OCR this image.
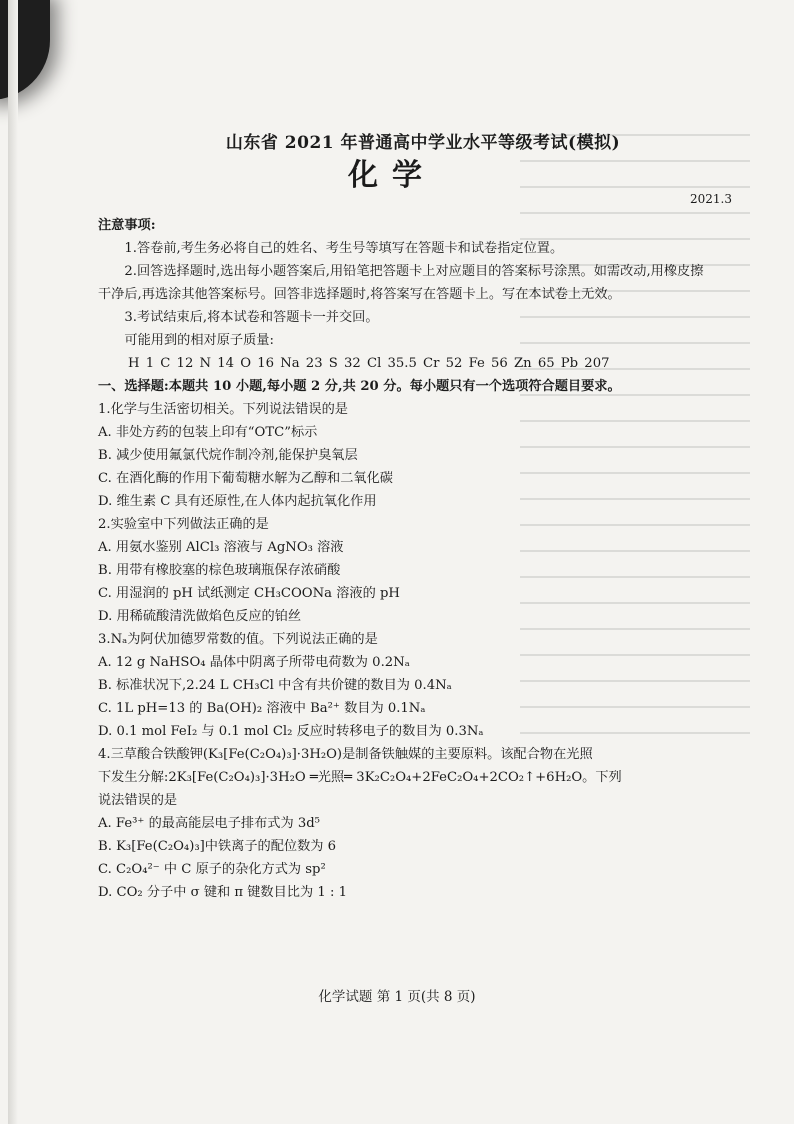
山东省 2021 年普通高中学业水平等级考试(模拟)
化学
2021.3
注意事项:

1.答卷前,考生务必将自己的姓名、考生号等填写在答题卡和试卷指定位置。

2.回答选择题时,选出每小题答案后,用铅笔把答题卡上对应题目的答案标号涂黑。如需改动,用橡皮擦干净后,再选涂其他答案标号。回答非选择题时,将答案写在答题卡上。写在本试卷上无效。

3.考试结束后,将本试卷和答题卡一并交回。

可能用到的相对原子质量:

H 1 C 12 N 14 O 16 Na 23 S 32 Cl 35.5 Cr 52 Fe 56 Zn 65 Pb 207

一、选择题:本题共 10 小题,每小题 2 分,共 20 分。每小题只有一个选项符合题目要求。

1.化学与生活密切相关。下列说法错误的是

A. 非处方药的包装上印有“OTC”标示

B. 减少使用氟氯代烷作制冷剂,能保护臭氧层

C. 在酒化酶的作用下葡萄糖水解为乙醇和二氧化碳

D. 维生素 C 具有还原性,在人体内起抗氧化作用

2.实验室中下列做法正确的是

A. 用氨水鉴别 AlCl₃ 溶液与 AgNO₃ 溶液

B. 用带有橡胶塞的棕色玻璃瓶保存浓硝酸

C. 用湿润的 pH 试纸测定 CH₃COONa 溶液的 pH

D. 用稀硫酸清洗做焰色反应的铂丝

3.Nₐ为阿伏加德罗常数的值。下列说法正确的是

A. 12 g NaHSO₄ 晶体中阴离子所带电荷数为 0.2Nₐ

B. 标准状况下,2.24 L CH₃Cl 中含有共价键的数目为 0.4Nₐ

C. 1L pH=13 的 Ba(OH)₂ 溶液中 Ba²⁺ 数目为 0.1Nₐ

D. 0.1 mol FeI₂ 与 0.1 mol Cl₂ 反应时转移电子的数目为 0.3Nₐ

4.三草酸合铁酸钾(K₃[Fe(C₂O₄)₃]·3H₂O)是制备铁触媒的主要原料。该配合物在光照

下发生分解:2K₃[Fe(C₂O₄)₃]·3H₂O ═光照═ 3K₂C₂O₄+2FeC₂O₄+2CO₂↑+6H₂O。下列

说法错误的是

A. Fe³⁺ 的最高能层电子排布式为 3d⁵

B. K₃[Fe(C₂O₄)₃]中铁离子的配位数为 6

C. C₂O₄²⁻ 中 C 原子的杂化方式为 sp²

D. CO₂ 分子中 σ 键和 π 键数目比为 1 : 1

化学试题 第 1 页(共 8 页)
